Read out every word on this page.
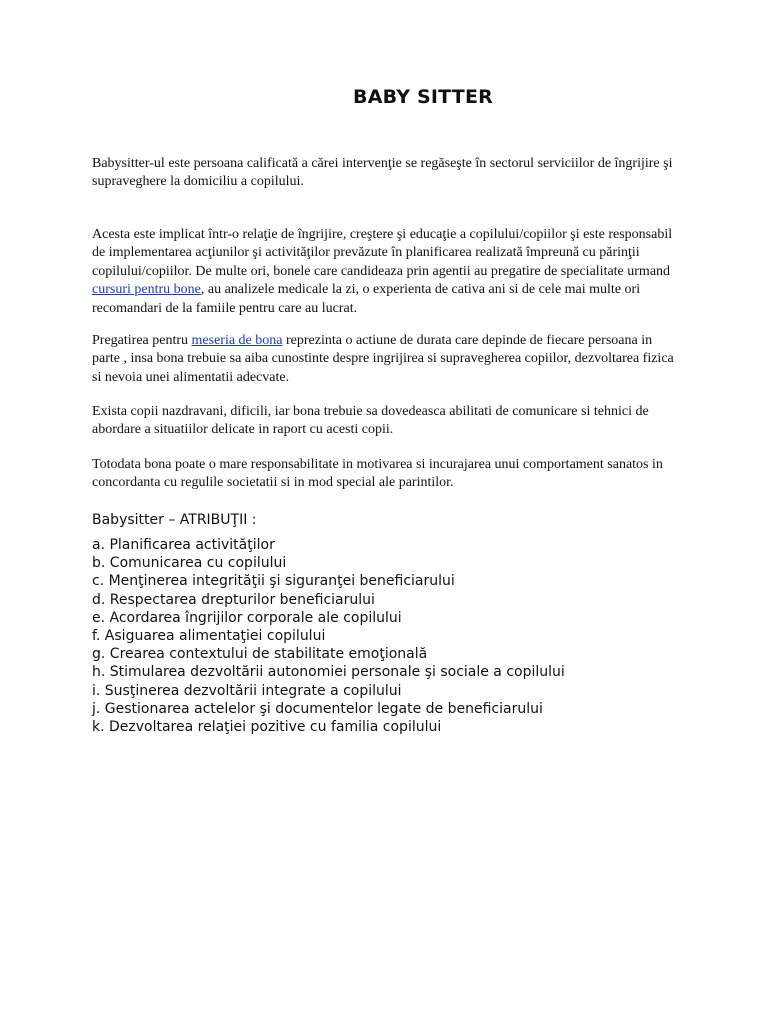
BABY SITTER

Babysitter-ul este persoana calificată a cărei intervenţie se regăseşte în sectorul serviciilor de îngrijire şi supraveghere la domiciliu a copilului.

Acesta este implicat într-o relaţie de îngrijire, creştere şi educaţie a copilului/copiilor şi este responsabil de implementarea acţiunilor şi activităţilor prevăzute în planificarea realizată împreună cu părinţii copilului/copiilor. De multe ori, bonele care candideaza prin agentii au pregatire de specialitate urmand cursuri pentru bone, au analizele medicale la zi, o experienta de cativa ani si de cele mai multe ori recomandari de la famiile pentru care au lucrat.

Pregatirea pentru meseria de bona reprezinta o actiune de durata care depinde de fiecare persoana in parte , insa bona trebuie sa aiba cunostinte despre ingrijirea si supravegherea copiilor, dezvoltarea fizica si nevoia unei alimentatii adecvate.

Exista copii nazdravani, dificili, iar bona trebuie sa dovedeasca abilitati de comunicare si tehnici de abordare a situatiilor delicate in raport cu acesti copii.

Totodata bona poate o mare responsabilitate in motivarea si incurajarea unui comportament sanatos in concordanta cu regulile societatii si in mod special ale parintilor.

Babysitter – ATRIBUŢII :
a. Planificarea activităţilor
b. Comunicarea cu copilului
c. Menţinerea integrităţii şi siguranţei beneficiarului
d. Respectarea drepturilor beneficiarului
e. Acordarea îngrijilor corporale ale copilului
f. Asiguarea alimentaţiei copilului
g. Crearea contextului de stabilitate emoţională
h. Stimularea dezvoltării autonomiei personale şi sociale a copilului
i. Susţinerea dezvoltării integrate a copilului
j. Gestionarea actelelor şi documentelor legate de beneficiarului
k. Dezvoltarea relaţiei pozitive cu familia copilului
